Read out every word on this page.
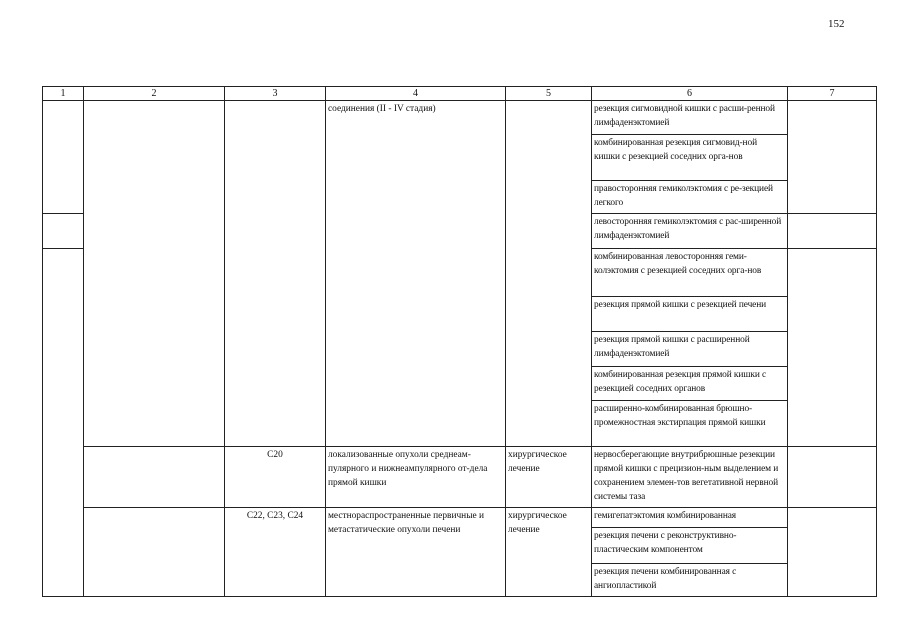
152
1	2	3	4	5	6	7
			соединения (II - IV стадия)		резекция сигмовидной кишки с расши-ренной лимфаденэктомией	
					комбинированная резекция сигмовид-ной кишки с резекцией соседних орга-нов	
					правосторонняя гемиколэктомия с ре-зекцией легкого	
					левосторонняя гемиколэктомия с рас-ширенной лимфаденэктомией	
					комбинированная левосторонняя геми-колэктомия с резекцией соседних орга-нов	
					резекция прямой кишки с резекцией печени	
					резекция прямой кишки с расширенной лимфаденэктомией	
					комбинированная резекция прямой кишки с резекцией соседних органов	
					расширенно-комбинированная брюшно-промежностная экстирпация прямой кишки	
		C20	локализованные опухоли среднеам-пулярного и нижнеампулярного от-дела прямой кишки	хирургическое лечение	нервосберегающие внутрибрюшные резекции прямой кишки с прецизион-ным выделением и сохранением элемен-тов вегетативной нервной системы таза	
		C22, C23, C24	местнораспространенные первичные и метастатические опухоли печени	хирургическое лечение	гемигепатэктомия комбинированная	
					резекция печени с реконструктивно-пластическим компонентом	
					резекция печени комбинированная с ангиопластикой	
